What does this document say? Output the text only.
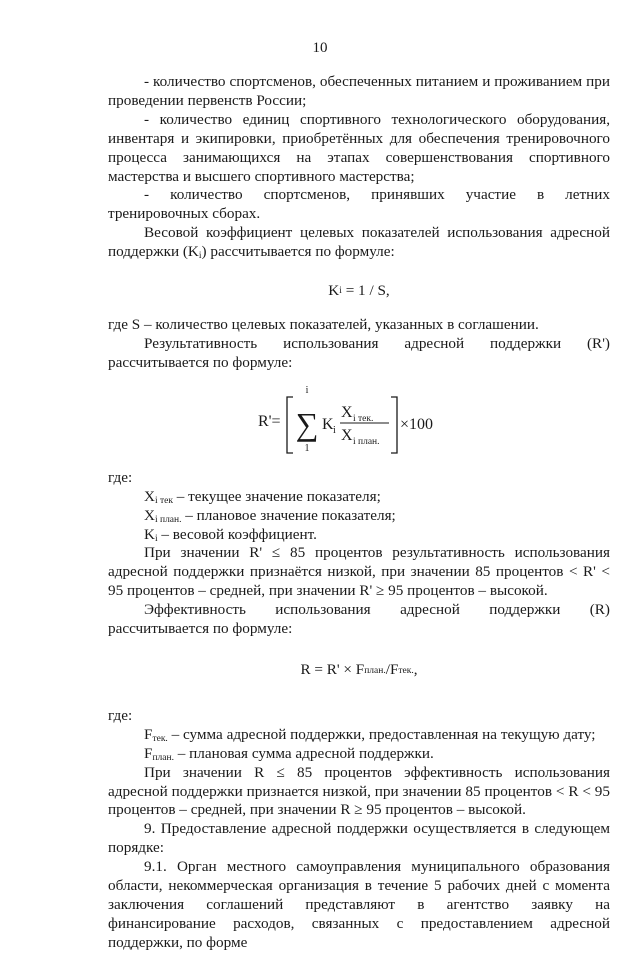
10

- количество спортсменов, обеспеченных питанием и проживанием при проведении первенств России;

- количество единиц спортивного технологического оборудования, инвентаря и экипировки, приобретённых для обеспечения тренировочного процесса занимающихся на этапах совершенствования спортивного мастерства и высшего спортивного мастерства;

- количество спортсменов, принявших участие в летних тренировочных сборах.

Весовой коэффициент целевых показателей использования адресной поддержки $(K_i)$ рассчитывается по формуле:

K i = 1 / S,

где S – количество целевых показателей, указанных в соглашении.

Результативность использования адресной поддержки (R') рассчитывается по формуле:

R'=
i
∑
1
K i
X i тек.
X i план.
×100

где:

$X_{i тек}$ – текущее значение показателя;

$X_{i план.}$ – плановое значение показателя;

$K_i$ – весовой коэффициент.

При значении R' ≤ 85 процентов результативность использования адресной поддержки признаётся низкой, при значении 85 процентов < R' < 95 процентов – средней, при значении R' ≥ 95 процентов – высокой.

Эффективность использования адресной поддержки (R) рассчитывается по формуле:

R = R' × F план. /F тек. ,

где:

$F_{тек.}$ – сумма адресной поддержки, предоставленная на текущую дату;

$F_{план.}$ – плановая сумма адресной поддержки.

При значении R ≤ 85 процентов эффективность использования адресной поддержки признается низкой, при значении 85 процентов < R < 95 процентов – средней, при значении R ≥ 95 процентов – высокой.

9. Предоставление адресной поддержки осуществляется в следующем порядке:

9.1. Орган местного самоуправления муниципального образования области, некоммерческая организация в течение 5 рабочих дней с момента заключения соглашений представляют в агентство заявку на финансирование расходов, связанных с предоставлением адресной поддержки, по форме
